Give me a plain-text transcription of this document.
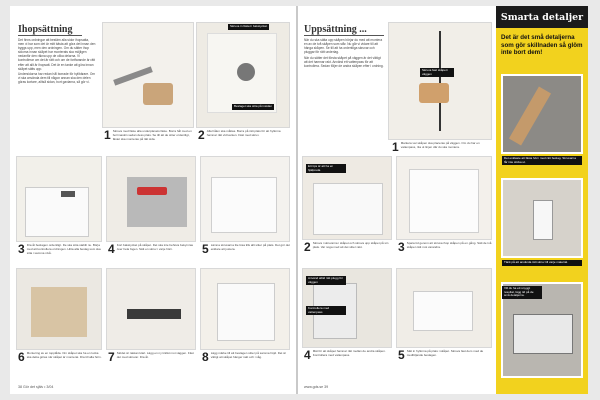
Ihopsättning

Det finns ordningar att bestäm alla sidor ihopsatta, men vi har som det är mitt bästa att göra det innan den byggs upp, men den ordningen. Om du sätter ihop sidorna innan skåpet har monterats ska möjligen nedanför den räkna upp de olika delarna. Vi kontrollerar om det är rätt och om de fortfarande är rätt efter att allt är ihopsatt. Det är en tanke att göra innan skåpet sätts upp.

Undersidorna har redan hål borrade för hyllbärare. Om vi ska använda dem till någon annan ska den delen göras kortare, alltså sidan, bort gavlarna, så gör vi.

Skruva in fästet i bakstycket
Beslaget ska sitta på insidan
1 Skruva med fäste alla underplanets fäste. Borra hål med en borrmaskin sedan dess plats. Se till att de sitter ordentligt, fästet ska monteras på rätt sida.	2 Alla hålen ska måttas. Borra på rätt plats för att hyllorna hamnar rätt vid kanten. Fäst med skruv.
3 Dra åt beslagen ordentligt. De ska sitta stabilt nu. Börja med att kontrollera ordningen. Hitta alla beslag som ska sitta i samma nivå.	4 Kort bakstycket på skåpet. Det ska inte behöva bekymras över hela fogen. Sätt en skruv i varje hörn.	5 Lämna skruvarna lite lösa tills allt sitter på plats. Det gör det enklare att justera.
6 Montering av en topplåda. Om skåpet ska ha en lucka ska detta göras när skåpet är monterat. Dra till alla hörn. 7 Stödet är nästan klart. Lägg en ny trälist mot väggen. Fäst det med skruvar. Dra åt.	8 Lägg märke till att beslagen sitter på samma höjd. Det är viktigt att skåpet hänger rakt och i våg.
38 Gör det själv • 3/04
Uppsättning ...

När du ska sätta upp skåpen börjar du med att montera en av de två skåpen som står. Nu går vi vidare till att hänga skåpen. Se till att ha ordentliga skruvar och pluggar för rätt underlag.

När du sätter det första skåpet på väggen är det viktigt att det hamnar rakt. Använd ett vattenpass för att kontrollera. Sedan följer de andra skåpen efter i ordning.

Skruva fast skåpet i väggen
1 Markera var skåpen ska placeras på väggen. Om du har en vattenpass, rita ut linjen där du ska montera.
Ett tips är att ha en hjälpreda
2 Skruva i skruvarna i skåpet och skruva upp skåpet på sin plats. Var noga med att det sitter rakt.	3 Spara tid genom att skruva ihop skåpen på en gång. Sätt de två skåpen tätt mot varandra.
Använd alltid rätt plugg för väggen
Kontrollera med vattenpass
4 Mät för att skåpet hamnar rätt mellan de andra skåpen. Kontrollera med vattenpass.	5 Sätt in hyllorna på plats i skåpet. Skruva fast dem med de medföljande beslagen.
www.gds.se 39
Smarta detaljer
Det är det små detaljerna som gör skillnaden så glöm inte bort dem!
Det enklaste att fästa hörn med rätt beslag. Skruvarna får inte sticka ut.
Tänk på att använda rätt skruv till varje material.
Vill du ha ett snyggt resultat, lägg tid på de små detaljerna.
